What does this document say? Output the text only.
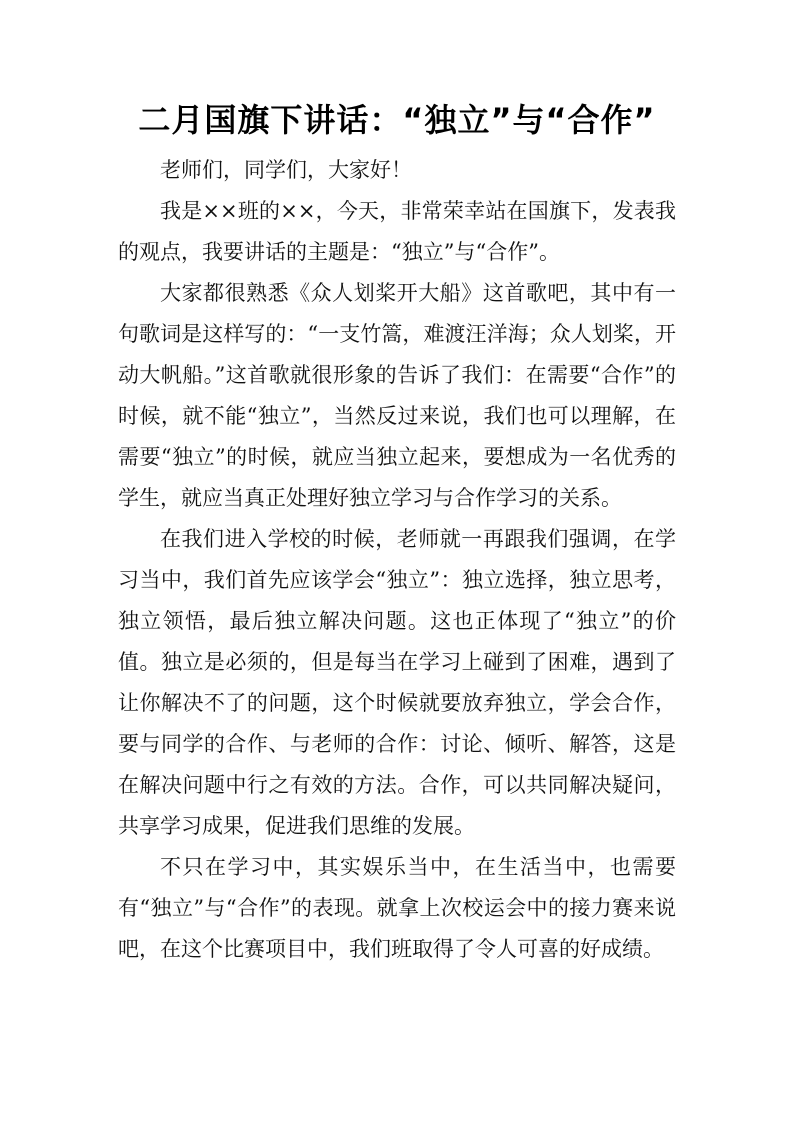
二月国旗下讲话：“独立”与“合作”

老师们，同学们，大家好！

我是××班的××，今天，非常荣幸站在国旗下，发表我的观点，我要讲话的主题是：“独立”与“合作”。

大家都很熟悉《众人划桨开大船》这首歌吧，其中有一句歌词是这样写的：“一支竹篙，难渡汪洋海；众人划桨，开动大帆船。”这首歌就很形象的告诉了我们：在需要“合作”的时候，就不能“独立”，当然反过来说，我们也可以理解，在需要“独立”的时候，就应当独立起来，要想成为一名优秀的学生，就应当真正处理好独立学习与合作学习的关系。

在我们进入学校的时候，老师就一再跟我们强调，在学习当中，我们首先应该学会“独立”：独立选择，独立思考，独立领悟，最后独立解决问题。这也正体现了“独立”的价值。独立是必须的，但是每当在学习上碰到了困难，遇到了让你解决不了的问题，这个时候就要放弃独立，学会合作，要与同学的合作、与老师的合作：讨论、倾听、解答，这是在解决问题中行之有效的方法。合作，可以共同解决疑问，共享学习成果，促进我们思维的发展。

不只在学习中，其实娱乐当中，在生活当中，也需要有“独立”与“合作”的表现。就拿上次校运会中的接力赛来说吧，在这个比赛项目中，我们班取得了令人可喜的好成绩。
